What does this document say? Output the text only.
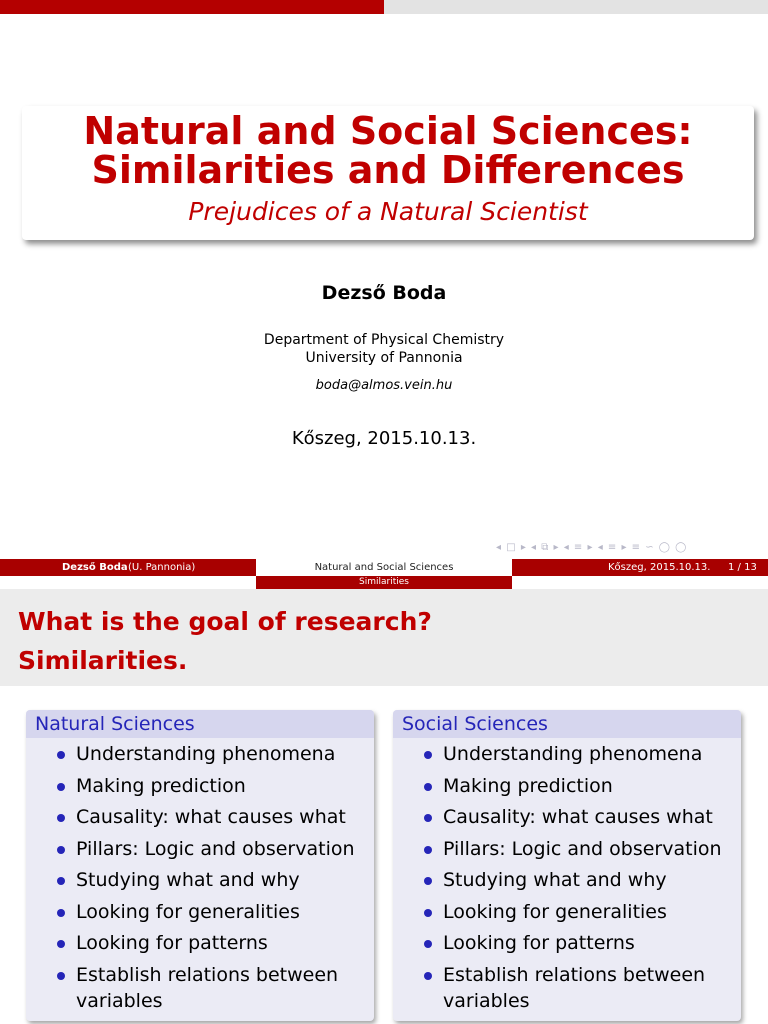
Natural and Social Sciences:
Similarities and Differences
Prejudices of a Natural Scientist
Dezső Boda
Department of Physical Chemistry
University of Pannonia
boda@almos.vein.hu
Kőszeg, 2015.10.13.
◂ □ ▸ ◂ ⧉ ▸ ◂ ≡ ▸ ◂ ≡ ▸ ≡ ∽ ◯ ◯
Dezső Boda (U. Pannonia)	Natural and Social Sciences	Kőszeg, 2015.10.13. 1 / 13
Similarities
What is the goal of research?
Similarities.
Natural Sciences
Understanding phenomena
Making prediction
Causality: what causes what
Pillars: Logic and observation
Studying what and why
Looking for generalities
Looking for patterns
Establish relations between
variables
Social Sciences
Understanding phenomena
Making prediction
Causality: what causes what
Pillars: Logic and observation
Studying what and why
Looking for generalities
Looking for patterns
Establish relations between
variables
